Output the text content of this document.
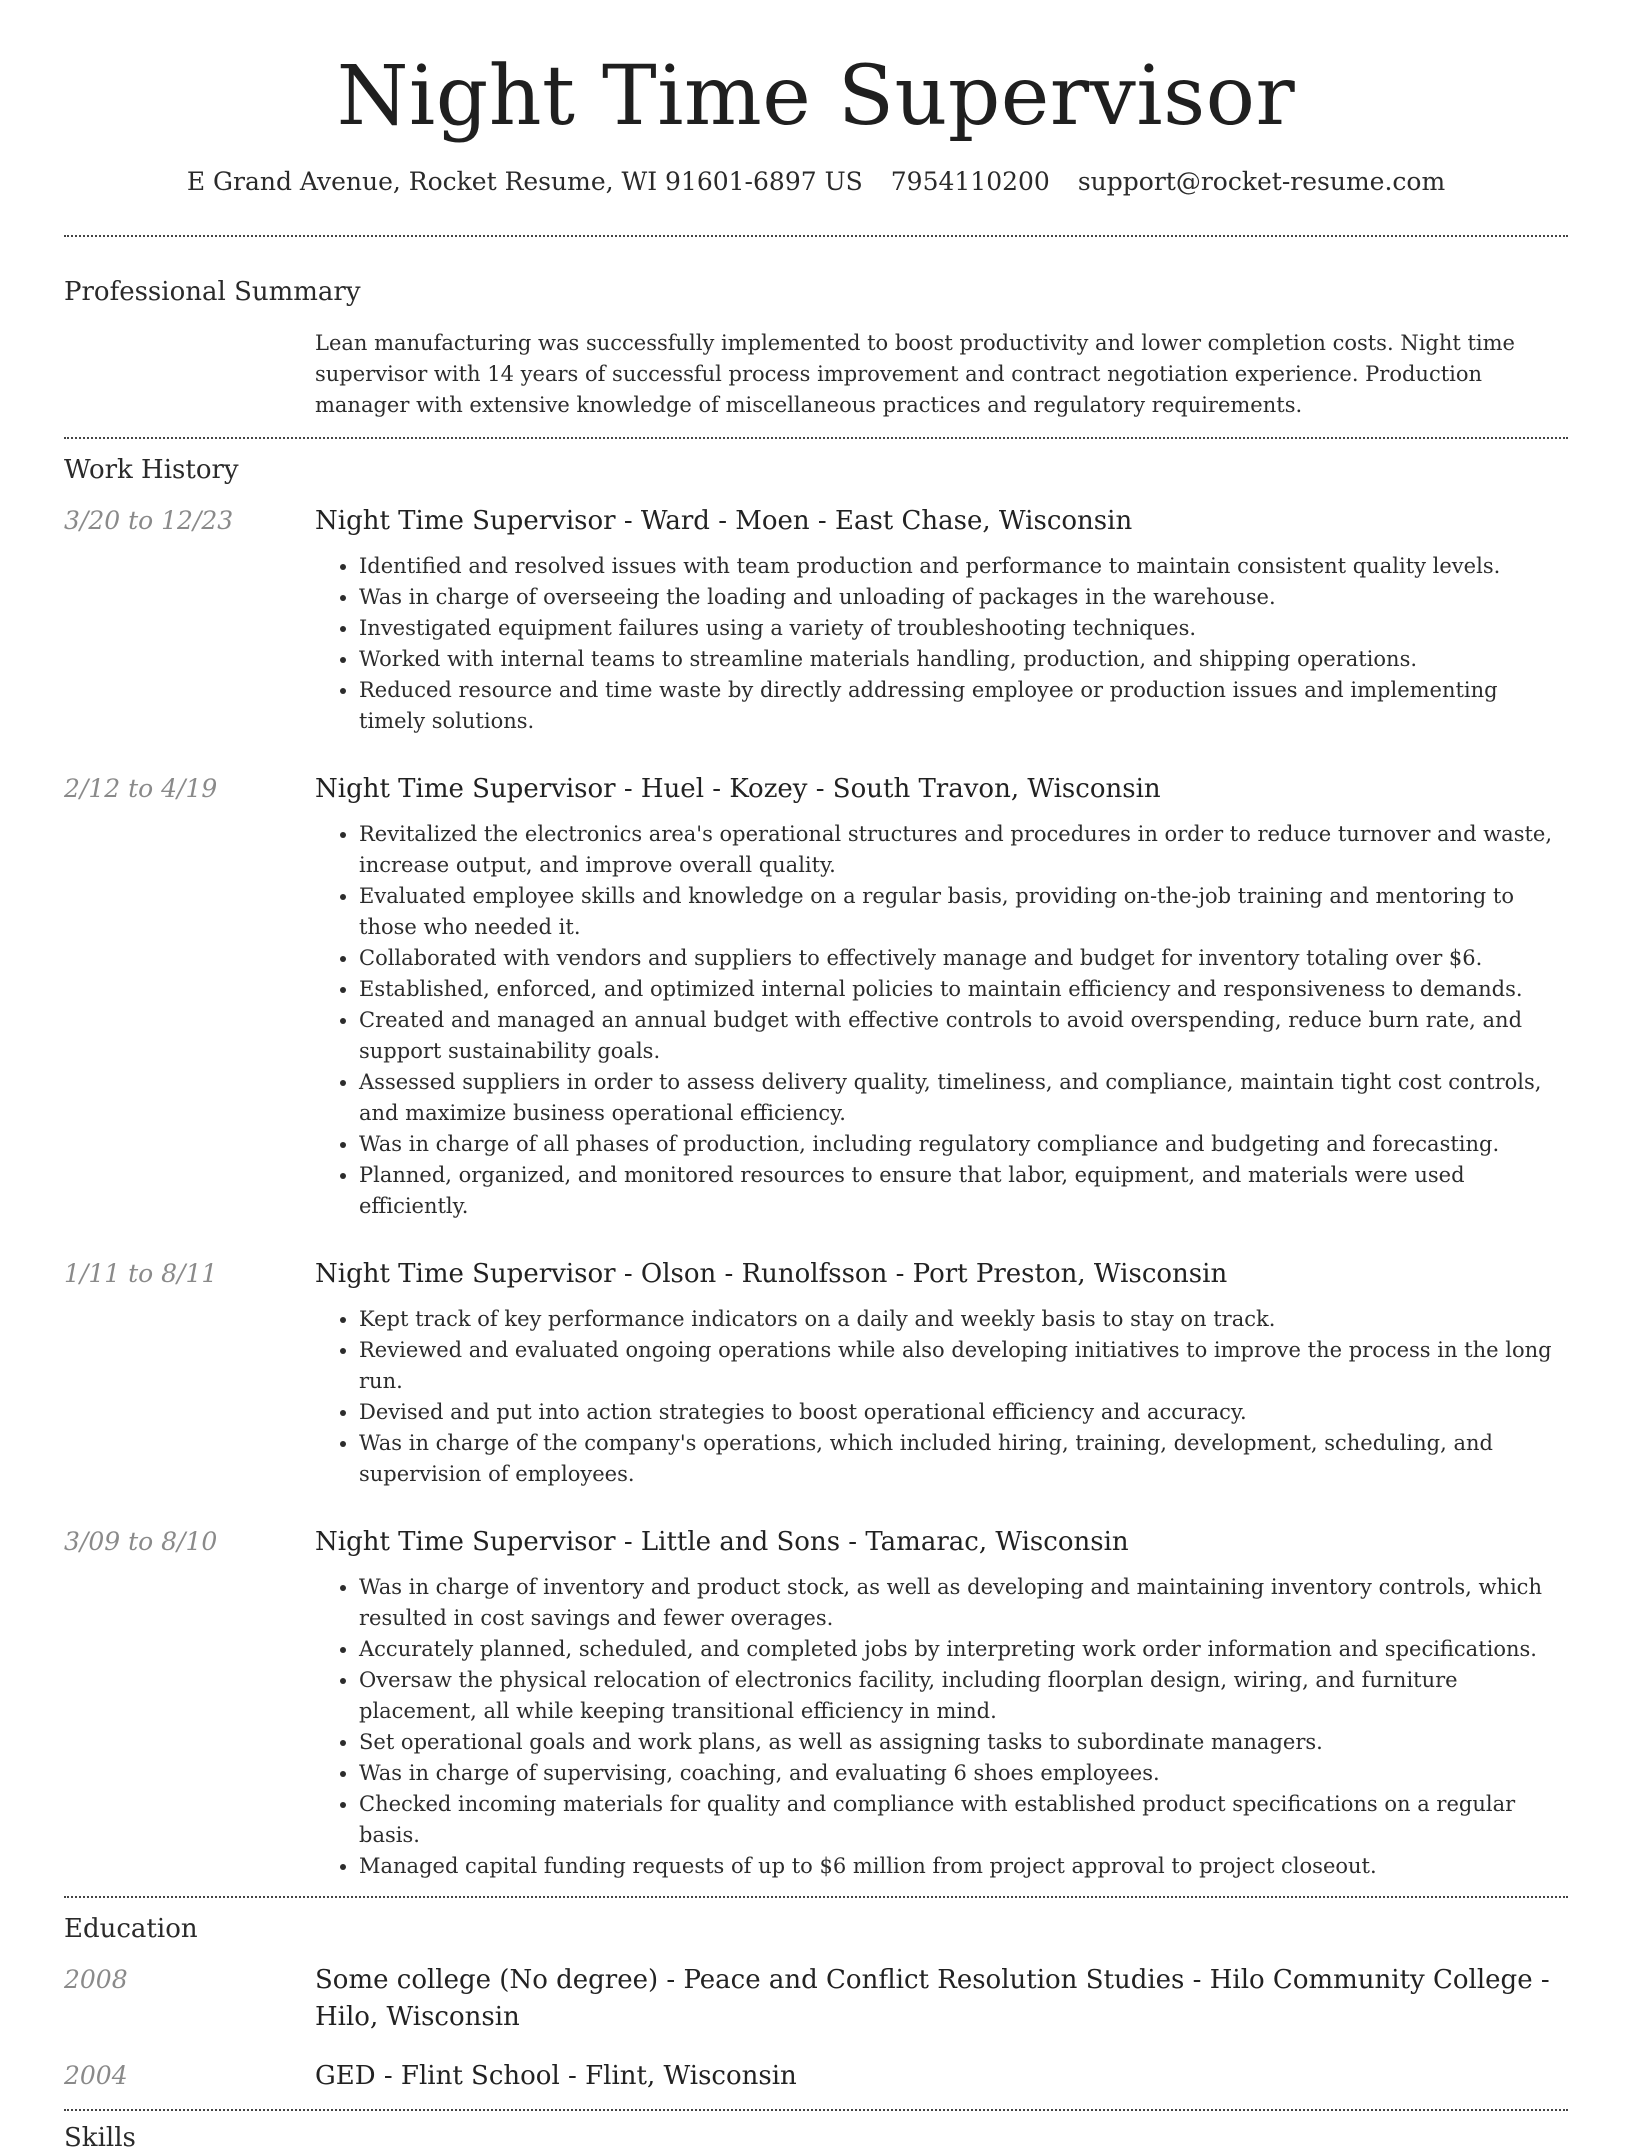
Night Time Supervisor
E Grand Avenue, Rocket Resume, WI 91601-6897 US 7954110200 support@rocket-resume.com
Professional Summary

Lean manufacturing was successfully implemented to boost productivity and lower completion costs. Night time supervisor with 14 years of successful process improvement and contract negotiation experience. Production manager with extensive knowledge of miscellaneous practices and regulatory requirements.

Work History
3/20 to 12/23	Night Time Supervisor - Ward - Moen - East Chase, Wisconsin

• Identified and resolved issues with team production and performance to maintain consistent quality levels.
• Was in charge of overseeing the loading and unloading of packages in the warehouse.
• Investigated equipment failures using a variety of troubleshooting techniques.
• Worked with internal teams to streamline materials handling, production, and shipping operations.
• Reduced resource and time waste by directly addressing employee or production issues and implementing timely solutions.
2/12 to 4/19	Night Time Supervisor - Huel - Kozey - South Travon, Wisconsin

• Revitalized the electronics area's operational structures and procedures in order to reduce turnover and waste, increase output, and improve overall quality.
• Evaluated employee skills and knowledge on a regular basis, providing on-the-job training and mentoring to those who needed it.
• Collaborated with vendors and suppliers to effectively manage and budget for inventory totaling over $6.
• Established, enforced, and optimized internal policies to maintain efficiency and responsiveness to demands.
• Created and managed an annual budget with effective controls to avoid overspending, reduce burn rate, and support sustainability goals.
• Assessed suppliers in order to assess delivery quality, timeliness, and compliance, maintain tight cost controls, and maximize business operational efficiency.
• Was in charge of all phases of production, including regulatory compliance and budgeting and forecasting.
• Planned, organized, and monitored resources to ensure that labor, equipment, and materials were used efficiently.
1/11 to 8/11	Night Time Supervisor - Olson - Runolfsson - Port Preston, Wisconsin

• Kept track of key performance indicators on a daily and weekly basis to stay on track.
• Reviewed and evaluated ongoing operations while also developing initiatives to improve the process in the long run.
• Devised and put into action strategies to boost operational efficiency and accuracy.
• Was in charge of the company's operations, which included hiring, training, development, scheduling, and supervision of employees.
3/09 to 8/10	Night Time Supervisor - Little and Sons - Tamarac, Wisconsin

• Was in charge of inventory and product stock, as well as developing and maintaining inventory controls, which resulted in cost savings and fewer overages.
• Accurately planned, scheduled, and completed jobs by interpreting work order information and specifications.
• Oversaw the physical relocation of electronics facility, including floorplan design, wiring, and furniture placement, all while keeping transitional efficiency in mind.
• Set operational goals and work plans, as well as assigning tasks to subordinate managers.
• Was in charge of supervising, coaching, and evaluating 6 shoes employees.
• Checked incoming materials for quality and compliance with established product specifications on a regular basis.
• Managed capital funding requests of up to $6 million from project approval to project closeout.
Education
2008	Some college (No degree) - Peace and Conflict Resolution Studies - Hilo Community College - Hilo, Wisconsin

2004	GED - Flint School - Flint, Wisconsin

Skills
